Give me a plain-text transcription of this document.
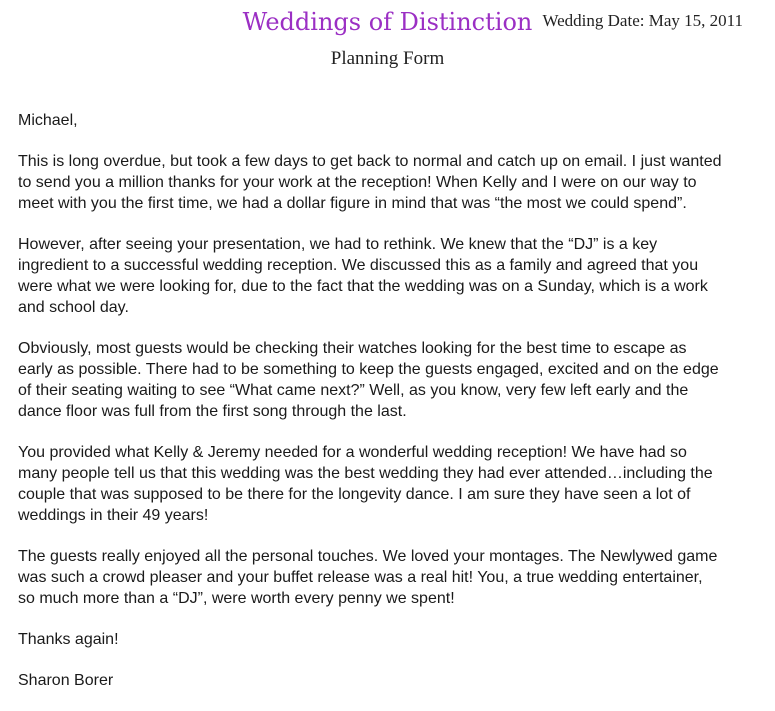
Weddings of Distinction Wedding Date: May 15, 2011
Planning Form

Michael,

This is long overdue, but took a few days to get back to normal and catch up on email. I just wanted
to send you a million thanks for your work at the reception! When Kelly and I were on our way to
meet with you the first time, we had a dollar figure in mind that was “the most we could spend”.

However, after seeing your presentation, we had to rethink. We knew that the “DJ” is a key
ingredient to a successful wedding reception. We discussed this as a family and agreed that you
were what we were looking for, due to the fact that the wedding was on a Sunday, which is a work
and school day.

Obviously, most guests would be checking their watches looking for the best time to escape as
early as possible. There had to be something to keep the guests engaged, excited and on the edge
of their seating waiting to see “What came next?” Well, as you know, very few left early and the
dance floor was full from the first song through the last.

You provided what Kelly & Jeremy needed for a wonderful wedding reception! We have had so
many people tell us that this wedding was the best wedding they had ever attended…including the
couple that was supposed to be there for the longevity dance. I am sure they have seen a lot of
weddings in their 49 years!

The guests really enjoyed all the personal touches. We loved your montages. The Newlywed game
was such a crowd pleaser and your buffet release was a real hit! You, a true wedding entertainer,
so much more than a “DJ”, were worth every penny we spent!

Thanks again!

Sharon Borer
